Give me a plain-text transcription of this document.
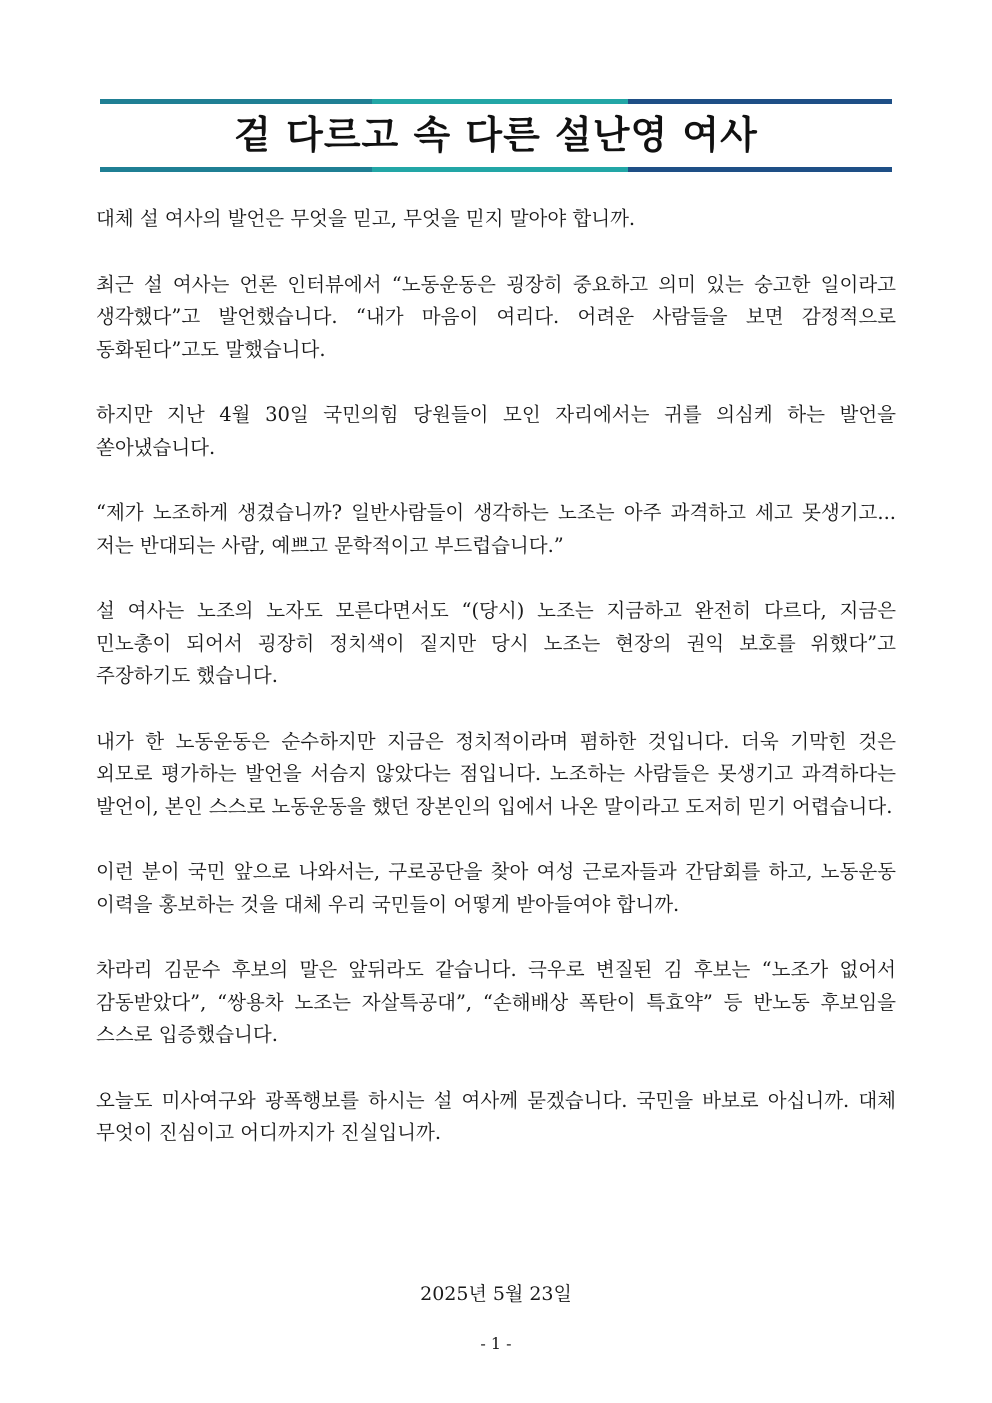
겉 다르고 속 다른 설난영 여사

대체 설 여사의 발언은 무엇을 믿고, 무엇을 믿지 말아야 합니까.

최근 설 여사는 언론 인터뷰에서 “노동운동은 굉장히 중요하고 의미 있는 숭고한 일이라고 생각했다”고 발언했습니다. “내가 마음이 여리다. 어려운 사람들을 보면 감정적으로 동화된다”고도 말했습니다.

하지만 지난 4월 30일 국민의힘 당원들이 모인 자리에서는 귀를 의심케 하는 발언을 쏟아냈습니다.

“제가 노조하게 생겼습니까? 일반사람들이 생각하는 노조는 아주 과격하고 세고 못생기고... 저는 반대되는 사람, 예쁘고 문학적이고 부드럽습니다.”

설 여사는 노조의 노자도 모른다면서도 “(당시) 노조는 지금하고 완전히 다르다, 지금은 민노총이 되어서 굉장히 정치색이 짙지만 당시 노조는 현장의 권익 보호를 위했다”고 주장하기도 했습니다.

내가 한 노동운동은 순수하지만 지금은 정치적이라며 폄하한 것입니다. 더욱 기막힌 것은 외모로 평가하는 발언을 서슴지 않았다는 점입니다. 노조하는 사람들은 못생기고 과격하다는 발언이, 본인 스스로 노동운동을 했던 장본인의 입에서 나온 말이라고 도저히 믿기 어렵습니다.

이런 분이 국민 앞으로 나와서는, 구로공단을 찾아 여성 근로자들과 간담회를 하고, 노동운동 이력을 홍보하는 것을 대체 우리 국민들이 어떻게 받아들여야 합니까.

차라리 김문수 후보의 말은 앞뒤라도 같습니다. 극우로 변질된 김 후보는 “노조가 없어서 감동받았다”, “쌍용차 노조는 자살특공대”, “손해배상 폭탄이 특효약” 등 반노동 후보임을 스스로 입증했습니다.

오늘도 미사여구와 광폭행보를 하시는 설 여사께 묻겠습니다. 국민을 바보로 아십니까. 대체 무엇이 진심이고 어디까지가 진실입니까.

2025년 5월 23일
- 1 -
